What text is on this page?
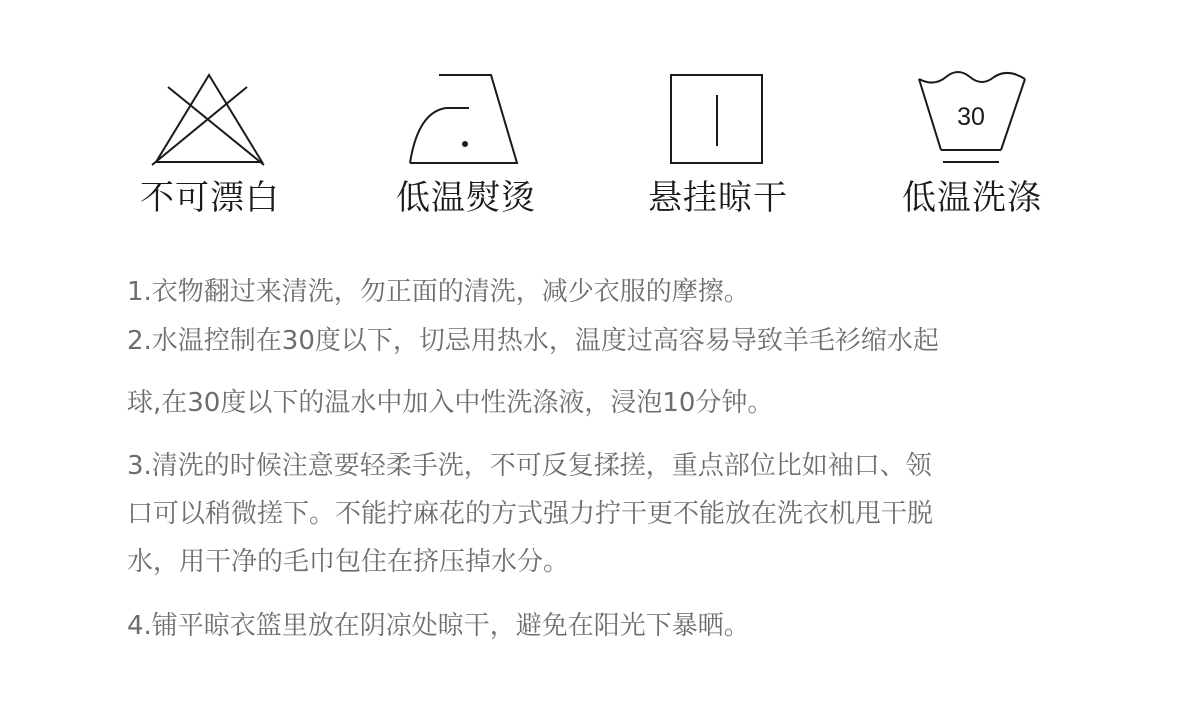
不可漂白	低温熨烫	悬挂晾干
30
低温洗涤

1.衣物翻过来清洗，勿正面的清洗，减少衣服的摩擦。

2.水温控制在30度以下，切忌用热水，温度过高容易导致羊毛衫缩水起
球,在30度以下的温水中加入中性洗涤液，浸泡10分钟。

3.清洗的时候注意要轻柔手洗，不可反复揉搓，重点部位比如袖口、领
口可以稍微搓下。不能拧麻花的方式强力拧干更不能放在洗衣机甩干脱
水，用干净的毛巾包住在挤压掉水分。

4.铺平晾衣篮里放在阴凉处晾干，避免在阳光下暴晒。
